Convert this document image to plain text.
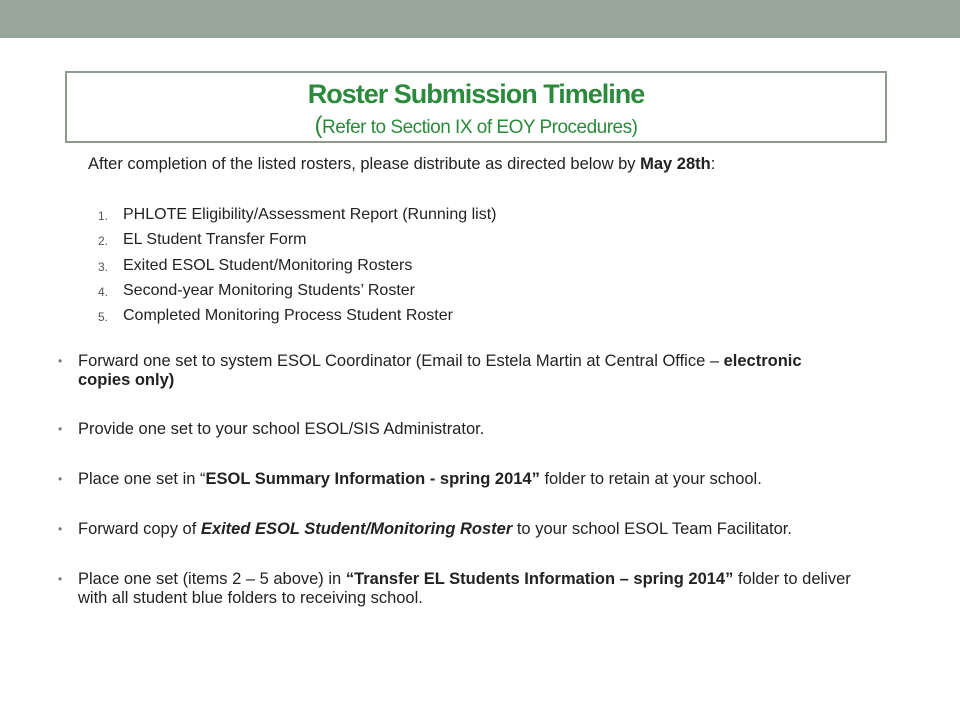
Roster Submission Timeline
(Refer to Section IX of EOY Procedures)
After completion of the listed rosters, please distribute as directed below by May 28th:
1. PHLOTE Eligibility/Assessment Report (Running list)
2. EL Student Transfer Form
3. Exited ESOL Student/Monitoring Rosters
4. Second-year Monitoring Students’ Roster
5. Completed Monitoring Process Student Roster
• Forward one set to system ESOL Coordinator (Email to Estela Martin at Central Office – electronic copies only)
• Provide one set to your school ESOL/SIS Administrator.
• Place one set in “ESOL Summary Information - spring 2014” folder to retain at your school.
• Forward copy of Exited ESOL Student/Monitoring Roster to your school ESOL Team Facilitator.
• Place one set (items 2 – 5 above) in “Transfer EL Students Information – spring 2014” folder to deliver with all student blue folders to receiving school.
